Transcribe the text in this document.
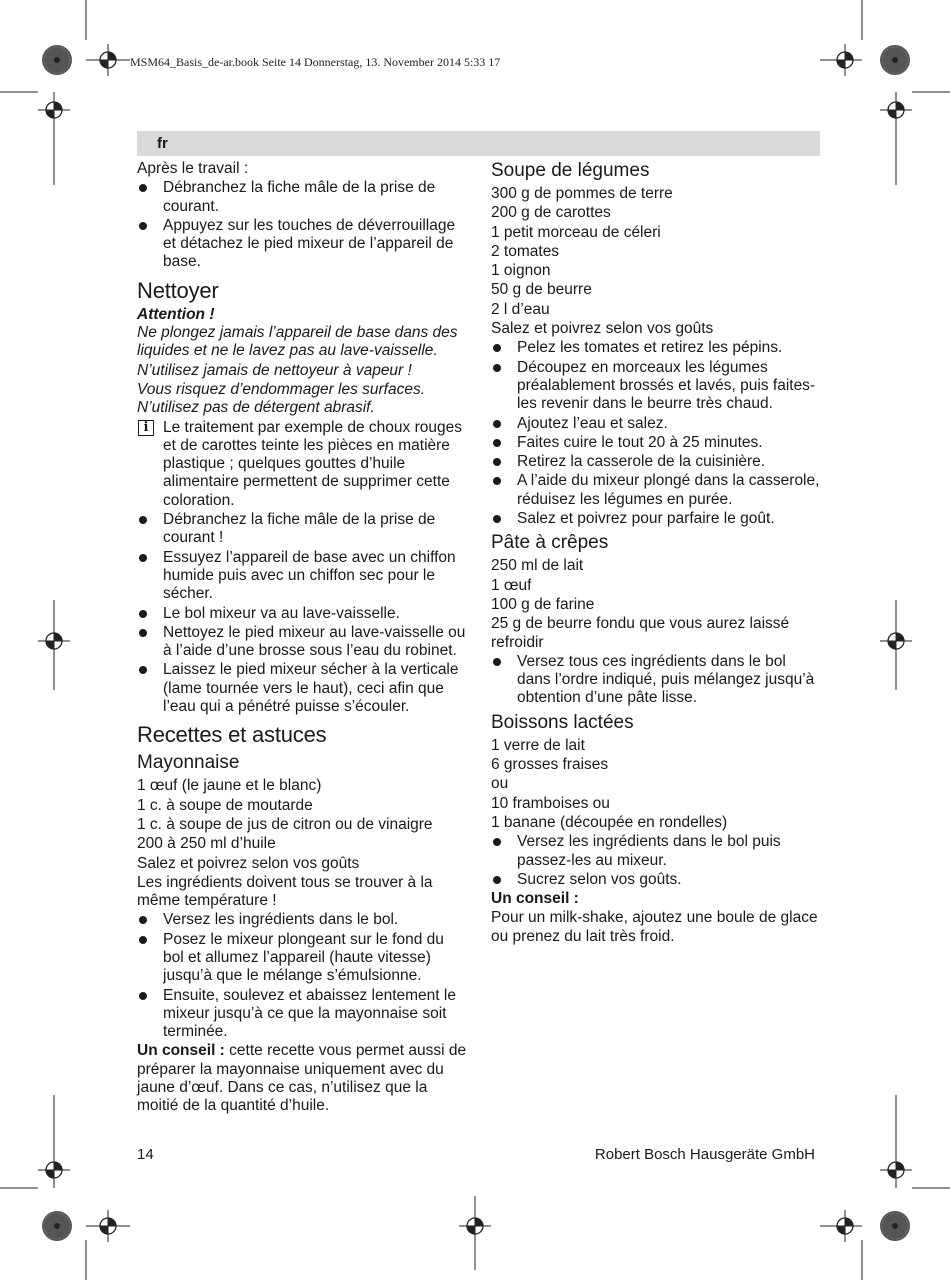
MSM64_Basis_de-ar.book Seite 14 Donnerstag, 13. November 2014 5:33 17
fr

Après le travail :

Débranchez la fiche mâle de la prise de courant.
Appuyez sur les touches de déverrouillage et détachez le pied mixeur de l’appareil de base.
Nettoyer

Attention !

Ne plongez jamais l’appareil de base dans des liquides et ne le lavez pas au lave-vaisselle.

N’utilisez jamais de nettoyeur à vapeur !

Vous risquez d’endommager les surfaces. N’utilisez pas de détergent abrasif.

i Le traitement par exemple de choux rouges et de carottes teinte les pièces en matière plastique ; quelques gouttes d’huile alimentaire permettent de supprimer cette coloration.
Débranchez la fiche mâle de la prise de courant !
Essuyez l’appareil de base avec un chiffon humide puis avec un chiffon sec pour le sécher.
Le bol mixeur va au lave-vaisselle.
Nettoyez le pied mixeur au lave-vaisselle ou à l’aide d’une brosse sous l’eau du robinet.
Laissez le pied mixeur sécher à la verticale (lame tournée vers le haut), ceci afin que l’eau qui a pénétré puisse s’écouler.
Recettes et astuces
Mayonnaise

1 œuf (le jaune et le blanc)

1 c. à soupe de moutarde

1 c. à soupe de jus de citron ou de vinaigre

200 à 250 ml d’huile

Salez et poivrez selon vos goûts

Les ingrédients doivent tous se trouver à la même température !

Versez les ingrédients dans le bol.
Posez le mixeur plongeant sur le fond du bol et allumez l’appareil (haute vitesse) jusqu’à que le mélange s’émulsionne.
Ensuite, soulevez et abaissez lentement le mixeur jusqu’à ce que la mayonnaise soit terminée.

Un conseil : cette recette vous permet aussi de préparer la mayonnaise uniquement avec du jaune d’œuf. Dans ce cas, n’utilisez que la moitié de la quantité d’huile.

Soupe de légumes

300 g de pommes de terre

200 g de carottes

1 petit morceau de céleri

2 tomates

1 oignon

50 g de beurre

2 l d’eau

Salez et poivrez selon vos goûts

Pelez les tomates et retirez les pépins.
Découpez en morceaux les légumes préalablement brossés et lavés, puis faites-les revenir dans le beurre très chaud.
Ajoutez l’eau et salez.
Faites cuire le tout 20 à 25 minutes.
Retirez la casserole de la cuisinière.
A l’aide du mixeur plongé dans la casserole, réduisez les légumes en purée.
Salez et poivrez pour parfaire le goût.
Pâte à crêpes

250 ml de lait

1 œuf

100 g de farine

25 g de beurre fondu que vous aurez laissé refroidir

Versez tous ces ingrédients dans le bol dans l’ordre indiqué, puis mélangez jusqu’à obtention d’une pâte lisse.
Boissons lactées

1 verre de lait

6 grosses fraises

ou

10 framboises ou

1 banane (découpée en rondelles)

Versez les ingrédients dans le bol puis passez-les au mixeur.
Sucrez selon vos goûts.

Un conseil :

Pour un milk-shake, ajoutez une boule de glace ou prenez du lait très froid.

14	Robert Bosch Hausgeräte GmbH
